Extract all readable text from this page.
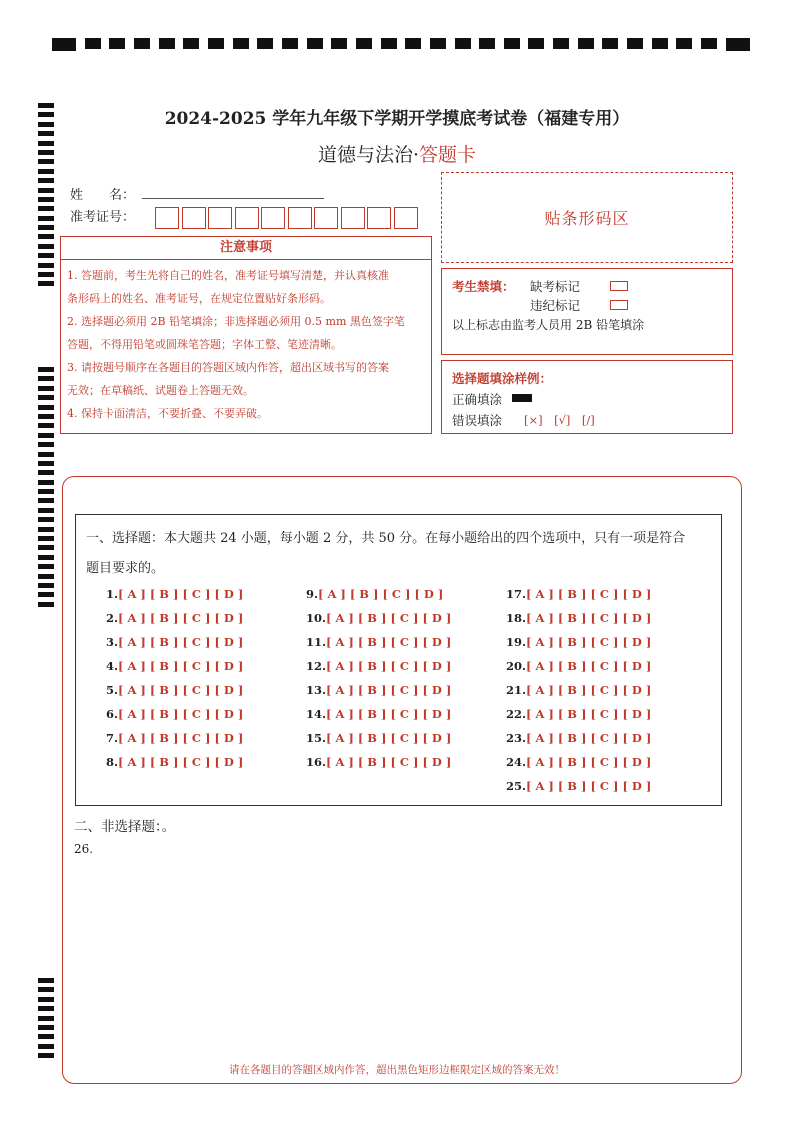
2024-2025 学年九年级下学期开学摸底考试卷（福建专用）
道德与法治·答题卡
姓　　名：
准考证号：
注意事项
1. 答题前，考生先将自己的姓名，准考证号填写清楚，并认真核准
条形码上的姓名、准考证号，在规定位置贴好条形码。
2. 选择题必须用 2B 铅笔填涂；非选择题必须用 0.5 mm 黑色签字笔
答题，不得用铅笔或圆珠笔答题；字体工整、笔迹清晰。
3. 请按题号顺序在各题目的答题区域内作答，超出区域书写的答案
无效；在草稿纸、试题卷上答题无效。
4. 保持卡面清洁，不要折叠、不要弄破。
贴条形码区
考生禁填： 缺考标记
违纪标记
以上标志由监考人员用 2B 铅笔填涂
选择题填涂样例：
正确填涂
错误填涂 [×]　[√]　[/]
一、选择题：本大题共 24 小题，每小题 2 分，共 50 分。在每小题给出的四个选项中，只有一项是符合
题目要求的。
1.[ A ] [ B ] [ C ] [ D ]
2.[ A ] [ B ] [ C ] [ D ]
3.[ A ] [ B ] [ C ] [ D ]
4.[ A ] [ B ] [ C ] [ D ]
5.[ A ] [ B ] [ C ] [ D ]
6.[ A ] [ B ] [ C ] [ D ]
7.[ A ] [ B ] [ C ] [ D ]
8.[ A ] [ B ] [ C ] [ D ]
9.[ A ] [ B ] [ C ] [ D ]
10.[ A ] [ B ] [ C ] [ D ]
11.[ A ] [ B ] [ C ] [ D ]
12.[ A ] [ B ] [ C ] [ D ]
13.[ A ] [ B ] [ C ] [ D ]
14.[ A ] [ B ] [ C ] [ D ]
15.[ A ] [ B ] [ C ] [ D ]
16.[ A ] [ B ] [ C ] [ D ]
17.[ A ] [ B ] [ C ] [ D ]
18.[ A ] [ B ] [ C ] [ D ]
19.[ A ] [ B ] [ C ] [ D ]
20.[ A ] [ B ] [ C ] [ D ]
21.[ A ] [ B ] [ C ] [ D ]
22.[ A ] [ B ] [ C ] [ D ]
23.[ A ] [ B ] [ C ] [ D ]
24.[ A ] [ B ] [ C ] [ D ]
25.[ A ] [ B ] [ C ] [ D ]
二、非选择题：。
26.
请在各题目的答题区域内作答，超出黑色矩形边框限定区域的答案无效！
